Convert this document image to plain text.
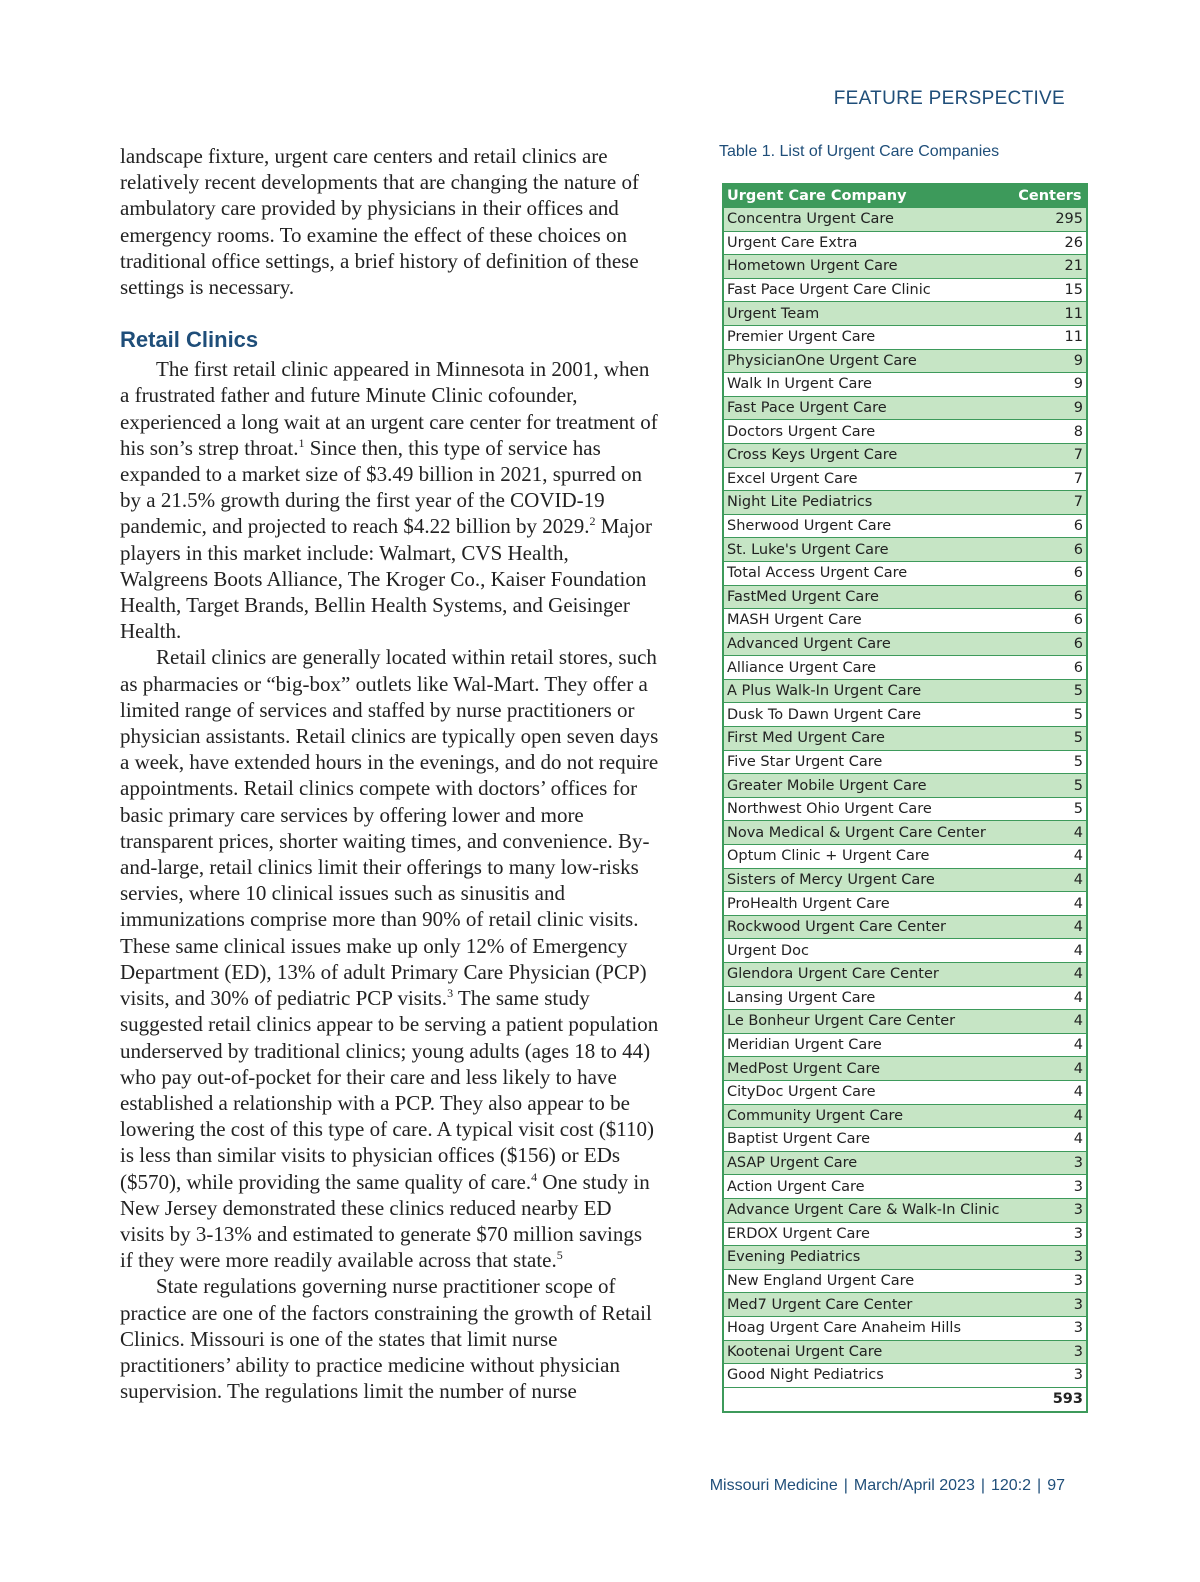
FEATURE PERSPECTIVE

landscape fixture, urgent care centers and retail clinics are relatively recent developments that are changing the nature of ambulatory care provided by physicians in their offices and emergency rooms. To examine the effect of these choices on traditional office settings, a brief history of definition of these settings is necessary.

Retail Clinics

The first retail clinic appeared in Minnesota in 2001, when a frustrated father and future Minute Clinic cofounder, experienced a long wait at an urgent care center for treatment of his son’s strep throat.$^1$ Since then, this type of service has expanded to a market size of $3.49 billion in 2021, spurred on by a 21.5% growth during the first year of the COVID-19 pandemic, and projected to reach $4.22 billion by 2029.$^2$ Major players in this market include: Walmart, CVS Health, Walgreens Boots Alliance, The Kroger Co., Kaiser Foundation Health, Target Brands, Bellin Health Systems, and Geisinger Health.

Retail clinics are generally located within retail stores, such as pharmacies or “big-box” outlets like Wal-Mart. They offer a limited range of services and staffed by nurse practitioners or physician assistants. Retail clinics are typically open seven days a week, have extended hours in the evenings, and do not require appointments. Retail clinics compete with doctors’ offices for basic primary care services by offering lower and more transparent prices, shorter waiting times, and convenience. By-and-large, retail clinics limit their offerings to many low-risks servies, where 10 clinical issues such as sinusitis and immunizations comprise more than 90% of retail clinic visits. These same clinical issues make up only 12% of Emergency Department (ED), 13% of adult Primary Care Physician (PCP) visits, and 30% of pediatric PCP visits.$^3$ The same study suggested retail clinics appear to be serving a patient population underserved by traditional clinics; young adults (ages 18 to 44) who pay out-of-pocket for their care and less likely to have established a relationship with a PCP. They also appear to be lowering the cost of this type of care. A typical visit cost ($110) is less than similar visits to physician offices ($156) or EDs ($570), while providing the same quality of care.$^4$ One study in New Jersey demonstrated these clinics reduced nearby ED visits by 3-13% and estimated to generate $70 million savings if they were more readily available across that state.$^5$

State regulations governing nurse practitioner scope of practice are one of the factors constraining the growth of Retail Clinics. Missouri is one of the states that limit nurse practitioners’ ability to practice medicine without physician supervision. The regulations limit the number of nurse

Table 1. List of Urgent Care Companies
Urgent Care Company	Centers
Concentra Urgent Care	295
Urgent Care Extra	26
Hometown Urgent Care	21
Fast Pace Urgent Care Clinic	15
Urgent Team	11
Premier Urgent Care	11
PhysicianOne Urgent Care	9
Walk In Urgent Care	9
Fast Pace Urgent Care	9
Doctors Urgent Care	8
Cross Keys Urgent Care	7
Excel Urgent Care	7
Night Lite Pediatrics	7
Sherwood Urgent Care	6
St. Luke's Urgent Care	6
Total Access Urgent Care	6
FastMed Urgent Care	6
MASH Urgent Care	6
Advanced Urgent Care	6
Alliance Urgent Care	6
A Plus Walk-In Urgent Care	5
Dusk To Dawn Urgent Care	5
First Med Urgent Care	5
Five Star Urgent Care	5
Greater Mobile Urgent Care	5
Northwest Ohio Urgent Care	5
Nova Medical & Urgent Care Center	4
Optum Clinic + Urgent Care	4
Sisters of Mercy Urgent Care	4
ProHealth Urgent Care	4
Rockwood Urgent Care Center	4
Urgent Doc	4
Glendora Urgent Care Center	4
Lansing Urgent Care	4
Le Bonheur Urgent Care Center	4
Meridian Urgent Care	4
MedPost Urgent Care	4
CityDoc Urgent Care	4
Community Urgent Care	4
Baptist Urgent Care	4
ASAP Urgent Care	3
Action Urgent Care	3
Advance Urgent Care & Walk-In Clinic	3
ERDOX Urgent Care	3
Evening Pediatrics	3
New England Urgent Care	3
Med7 Urgent Care Center	3
Hoag Urgent Care Anaheim Hills	3
Kootenai Urgent Care	3
Good Night Pediatrics	3
	593
Missouri Medicine | March/April 2023 | 120:2 | 97
